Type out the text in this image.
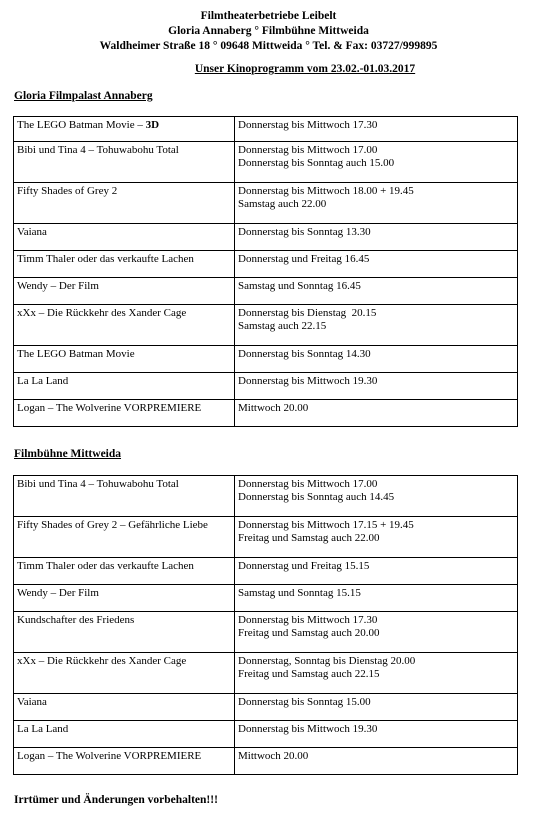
Filmtheaterbetriebe Leibelt
Gloria Annaberg ° Filmbühne Mittweida
Waldheimer Straße 18 ° 09648 Mittweida ° Tel. & Fax: 03727/999895
Unser Kinoprogramm vom 23.02.-01.03.2017
Gloria Filmpalast Annaberg
The LEGO Batman Movie – 3D	Donnerstag bis Mittwoch 17.30

Bibi und Tina 4 – Tohuwabohu Total	Donnerstag bis Mittwoch 17.00
Donnerstag bis Sonntag auch 15.00

Fifty Shades of Grey 2	Donnerstag bis Mittwoch 18.00 + 19.45
Samstag auch 22.00

Vaiana	Donnerstag bis Sonntag 13.30

Timm Thaler oder das verkaufte Lachen	Donnerstag und Freitag 16.45

Wendy – Der Film	Samstag und Sonntag 16.45

xXx – Die Rückkehr des Xander Cage	Donnerstag bis Dienstag  20.15
Samstag auch 22.15

The LEGO Batman Movie	Donnerstag bis Sonntag 14.30

La La Land	Donnerstag bis Mittwoch 19.30

Logan – The Wolverine VORPREMIERE	Mittwoch 20.00
Filmbühne Mittweida
Bibi und Tina 4 – Tohuwabohu Total	Donnerstag bis Mittwoch 17.00
Donnerstag bis Sonntag auch 14.45

Fifty Shades of Grey 2 – Gefährliche Liebe	Donnerstag bis Mittwoch 17.15 + 19.45
Freitag und Samstag auch 22.00

Timm Thaler oder das verkaufte Lachen	Donnerstag und Freitag 15.15

Wendy – Der Film	Samstag und Sonntag 15.15

Kundschafter des Friedens	Donnerstag bis Mittwoch 17.30
Freitag und Samstag auch 20.00

xXx – Die Rückkehr des Xander Cage	Donnerstag, Sonntag bis Dienstag 20.00
Freitag und Samstag auch 22.15

Vaiana	Donnerstag bis Sonntag 15.00

La La Land	Donnerstag bis Mittwoch 19.30

Logan – The Wolverine VORPREMIERE	Mittwoch 20.00
Irrtümer und Änderungen vorbehalten!!!
